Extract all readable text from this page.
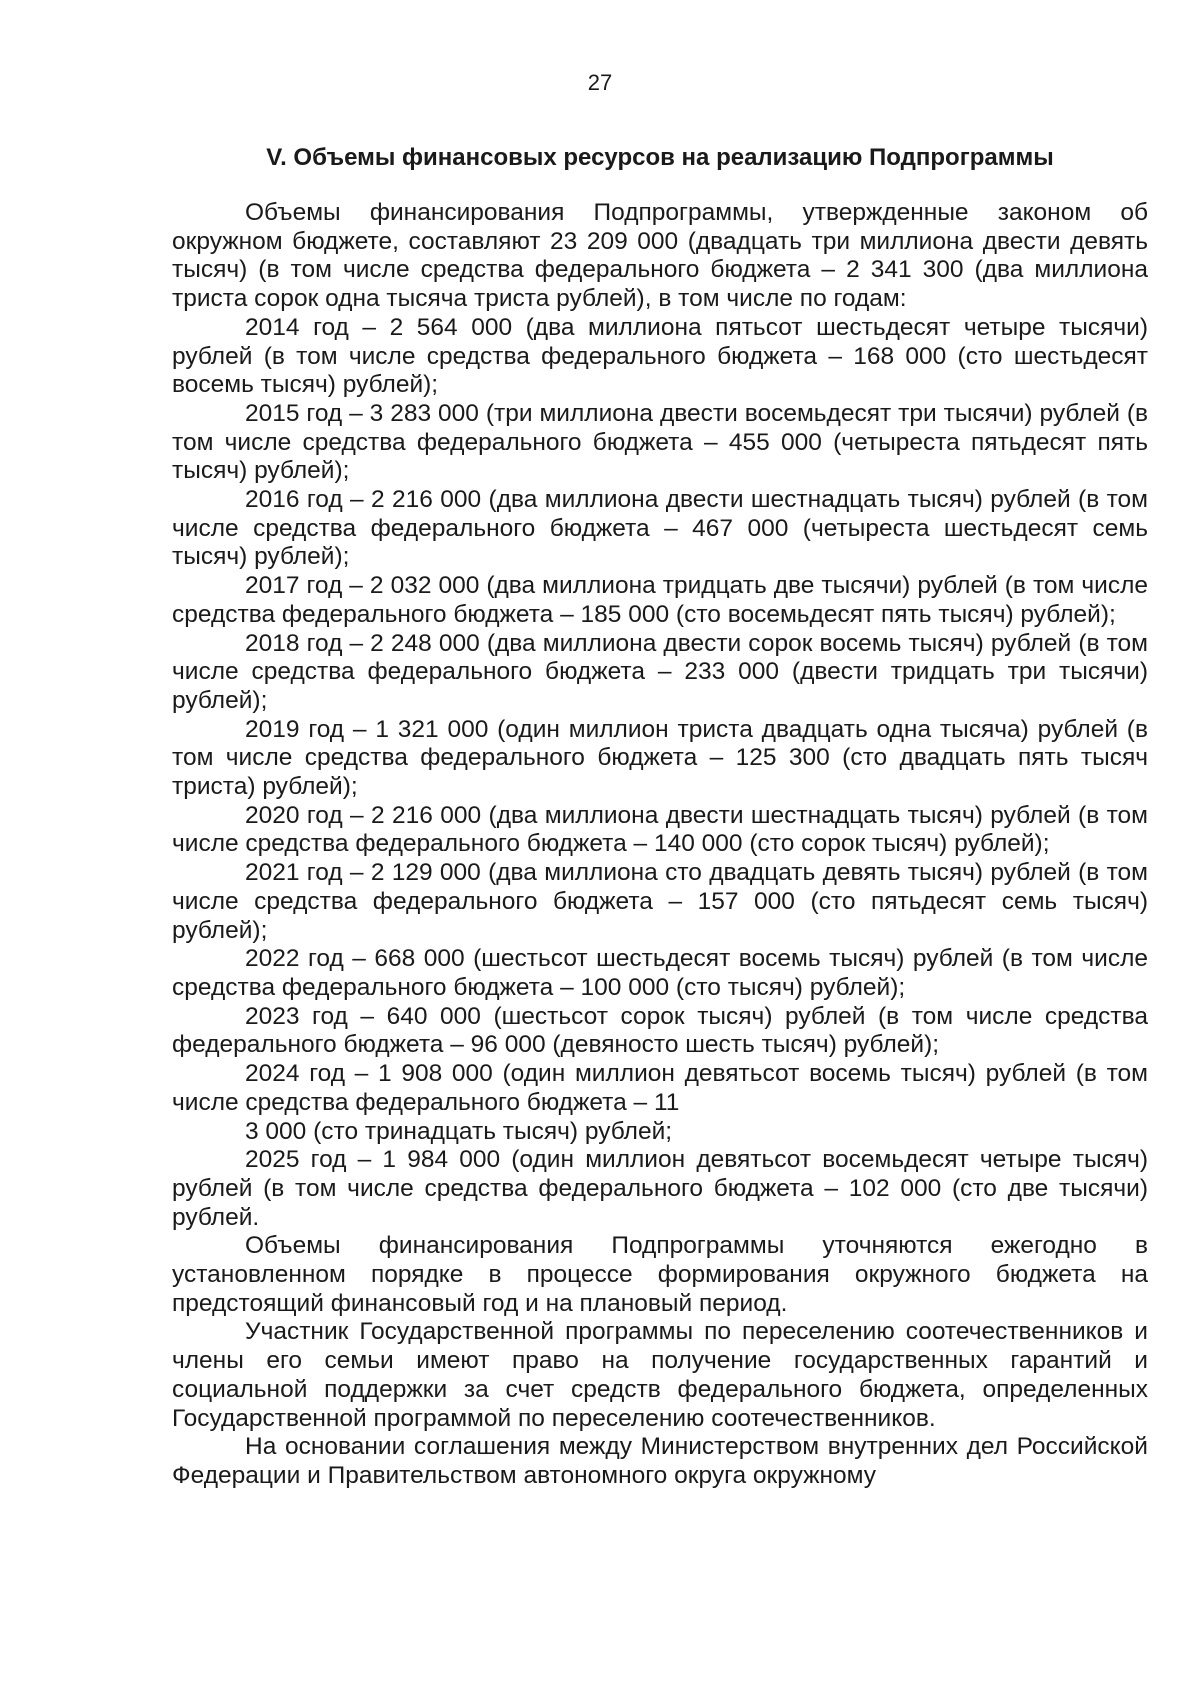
27
V. Объемы финансовых ресурсов на реализацию Подпрограммы

Объемы финансирования Подпрограммы, утвержденные законом об окружном бюджете, составляют 23 209 000 (двадцать три миллиона двести девять тысяч) (в том числе средства федерального бюджета – 2 341 300 (два миллиона триста сорок одна тысяча триста рублей), в том числе по годам:

2014 год – 2 564 000 (два миллиона пятьсот шестьдесят четыре тысячи) рублей (в том числе средства федерального бюджета – 168 000 (сто шестьдесят восемь тысяч) рублей);

2015 год – 3 283 000 (три миллиона двести восемьдесят три тысячи) рублей (в том числе средства федерального бюджета – 455 000 (четыреста пятьдесят пять тысяч) рублей);

2016 год – 2 216 000 (два миллиона двести шестнадцать тысяч) рублей (в том числе средства федерального бюджета – 467 000 (четыреста шестьдесят семь тысяч) рублей);

2017 год – 2 032 000 (два миллиона тридцать две тысячи) рублей (в том числе средства федерального бюджета – 185 000 (сто восемьдесят пять тысяч) рублей);

2018 год – 2 248 000 (два миллиона двести сорок восемь тысяч) рублей (в том числе средства федерального бюджета – 233 000 (двести тридцать три тысячи) рублей);

2019 год – 1 321 000 (один миллион триста двадцать одна тысяча) рублей (в том числе средства федерального бюджета – 125 300 (сто двадцать пять тысяч триста) рублей);

2020 год – 2 216 000 (два миллиона двести шестнадцать тысяч) рублей (в том числе средства федерального бюджета – 140 000 (сто сорок тысяч) рублей);

2021 год – 2 129 000 (два миллиона сто двадцать девять тысяч) рублей (в том числе средства федерального бюджета – 157 000 (сто пятьдесят семь тысяч) рублей);

2022 год – 668 000 (шестьсот шестьдесят восемь тысяч) рублей (в том числе средства федерального бюджета – 100 000 (сто тысяч) рублей);

2023 год – 640 000 (шестьсот сорок тысяч) рублей (в том числе средства федерального бюджета – 96 000 (девяносто шесть тысяч) рублей);

2024 год – 1 908 000 (один миллион девятьсот восемь тысяч) рублей (в том числе средства федерального бюджета – 11

3 000 (сто тринадцать тысяч) рублей;

2025 год – 1 984 000 (один миллион девятьсот восемьдесят четыре тысяч) рублей (в том числе средства федерального бюджета – 102 000 (сто две тысячи) рублей.

Объемы финансирования Подпрограммы уточняются ежегодно в установленном порядке в процессе формирования окружного бюджета на предстоящий финансовый год и на плановый период.

Участник Государственной программы по переселению соотечественников и члены его семьи имеют право на получение государственных гарантий и социальной поддержки за счет средств федерального бюджета, определенных Государственной программой по переселению соотечественников.

На основании соглашения между Министерством внутренних дел Российской Федерации и Правительством автономного округа окружному
